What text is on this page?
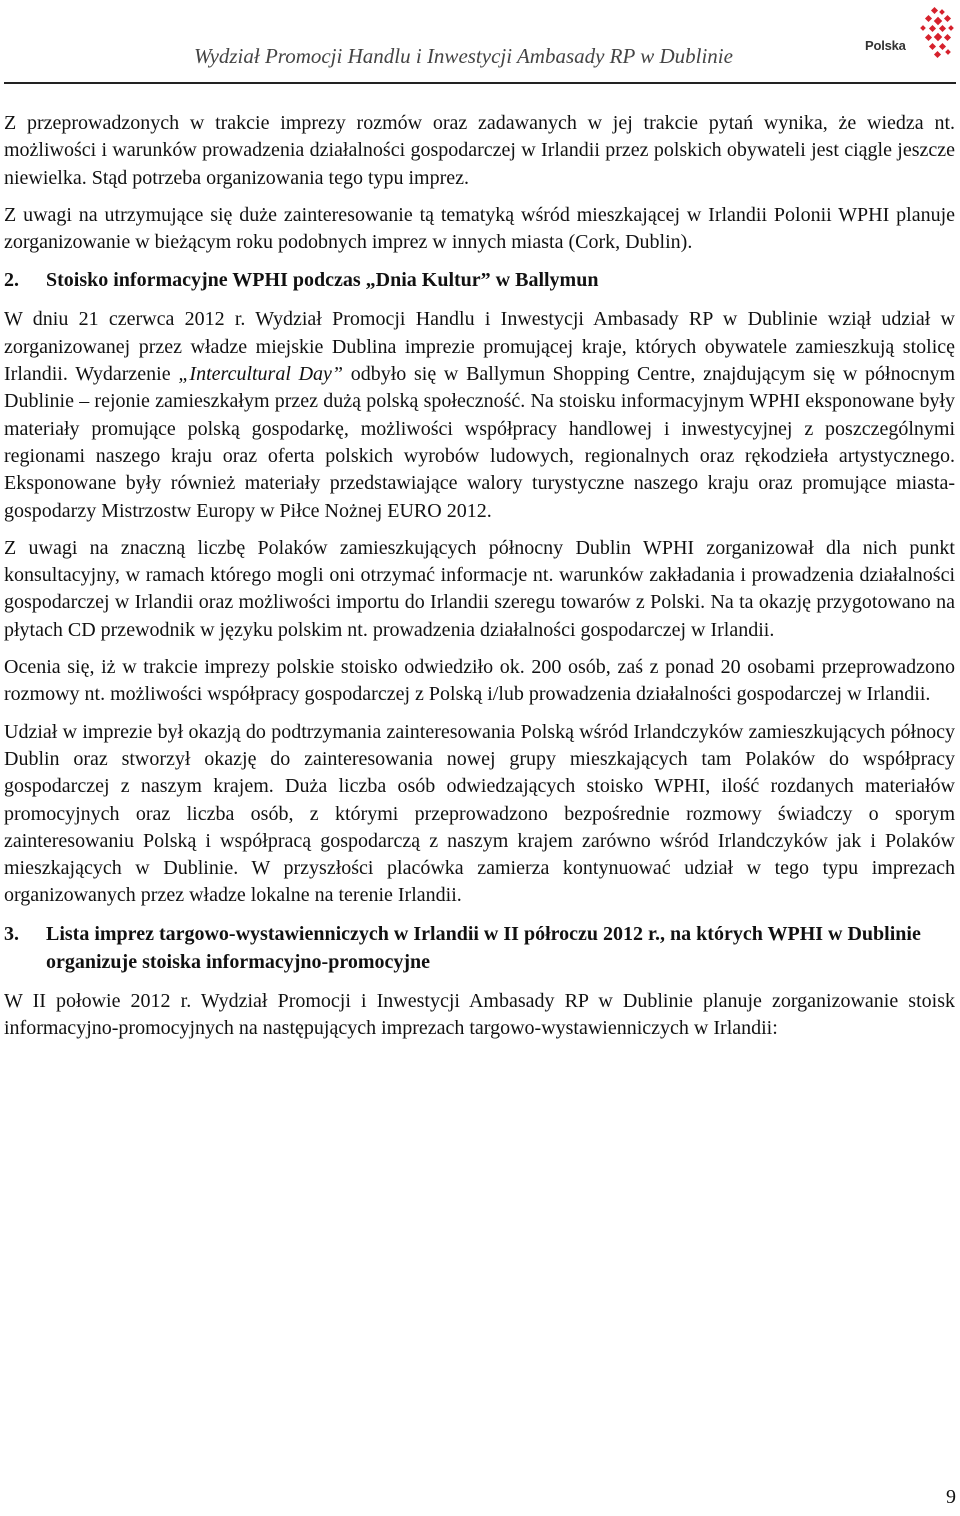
Wydział Promocji Handlu i Inwestycji Ambasady RP w Dublinie	Polska

Z przeprowadzonych w trakcie imprezy rozmów oraz zadawanych w jej trakcie pytań wynika, że wiedza nt. możliwości i warunków prowadzenia działalności gospodarczej w Irlandii przez polskich obywateli jest ciągle jeszcze niewielka. Stąd potrzeba organizowania tego typu imprez.

Z uwagi na utrzymujące się duże zainteresowanie tą tematyką wśród mieszkającej w Irlandii Polonii WPHI planuje zorganizowanie w bieżącym roku podobnych imprez w innych miasta (Cork, Dublin).

2.	Stoisko informacyjne WPHI podczas „Dnia Kultur” w Ballymun

W dniu 21 czerwca 2012 r. Wydział Promocji Handlu i Inwestycji Ambasady RP w Dublinie wziął udział w zorganizowanej przez władze miejskie Dublina imprezie promującej kraje, których obywatele zamieszkują stolicę Irlandii. Wydarzenie „Intercultural Day” odbyło się w Ballymun Shopping Centre, znajdującym się w północnym Dublinie – rejonie zamieszkałym przez dużą polską społeczność. Na stoisku informacyjnym WPHI eksponowane były materiały promujące polską gospodarkę, możliwości współpracy handlowej i inwestycyjnej z poszczególnymi regionami naszego kraju oraz oferta polskich wyrobów ludowych, regionalnych oraz rękodzieła artystycznego. Eksponowane były również materiały przedstawiające walory turystyczne naszego kraju oraz promujące miasta-gospodarzy Mistrzostw Europy w Piłce Nożnej EURO 2012.

Z uwagi na znaczną liczbę Polaków zamieszkujących północny Dublin WPHI zorganizował dla nich punkt konsultacyjny, w ramach którego mogli oni otrzymać informacje nt. warunków zakładania i prowadzenia działalności gospodarczej w Irlandii oraz możliwości importu do Irlandii szeregu towarów z Polski. Na ta okazję przygotowano na płytach CD przewodnik w języku polskim nt. prowadzenia działalności gospodarczej w Irlandii.

Ocenia się, iż w trakcie imprezy polskie stoisko odwiedziło ok. 200 osób, zaś z ponad 20 osobami przeprowadzono rozmowy nt. możliwości współpracy gospodarczej z Polską i/lub prowadzenia działalności gospodarczej w Irlandii.

Udział w imprezie był okazją do podtrzymania zainteresowania Polską wśród Irlandczyków zamieszkujących północy Dublin oraz stworzył okazję do zainteresowania nowej grupy mieszkających tam Polaków do współpracy gospodarczej z naszym krajem. Duża liczba osób odwiedzających stoisko WPHI, ilość rozdanych materiałów promocyjnych oraz liczba osób, z którymi przeprowadzono bezpośrednie rozmowy świadczy o sporym zainteresowaniu Polską i współpracą gospodarczą z naszym krajem zarówno wśród Irlandczyków jak i Polaków mieszkających w Dublinie. W przyszłości placówka zamierza kontynuować udział w tego typu imprezach organizowanych przez władze lokalne na terenie Irlandii.

3.	Lista imprez targowo-wystawienniczych w Irlandii w II półroczu 2012 r., na których WPHI w Dublinie organizuje stoiska informacyjno-promocyjne

W II połowie 2012 r. Wydział Promocji i Inwestycji Ambasady RP w Dublinie planuje zorganizowanie stoisk informacyjno-promocyjnych na następujących imprezach targowo-wystawienniczych w Irlandii:

9
